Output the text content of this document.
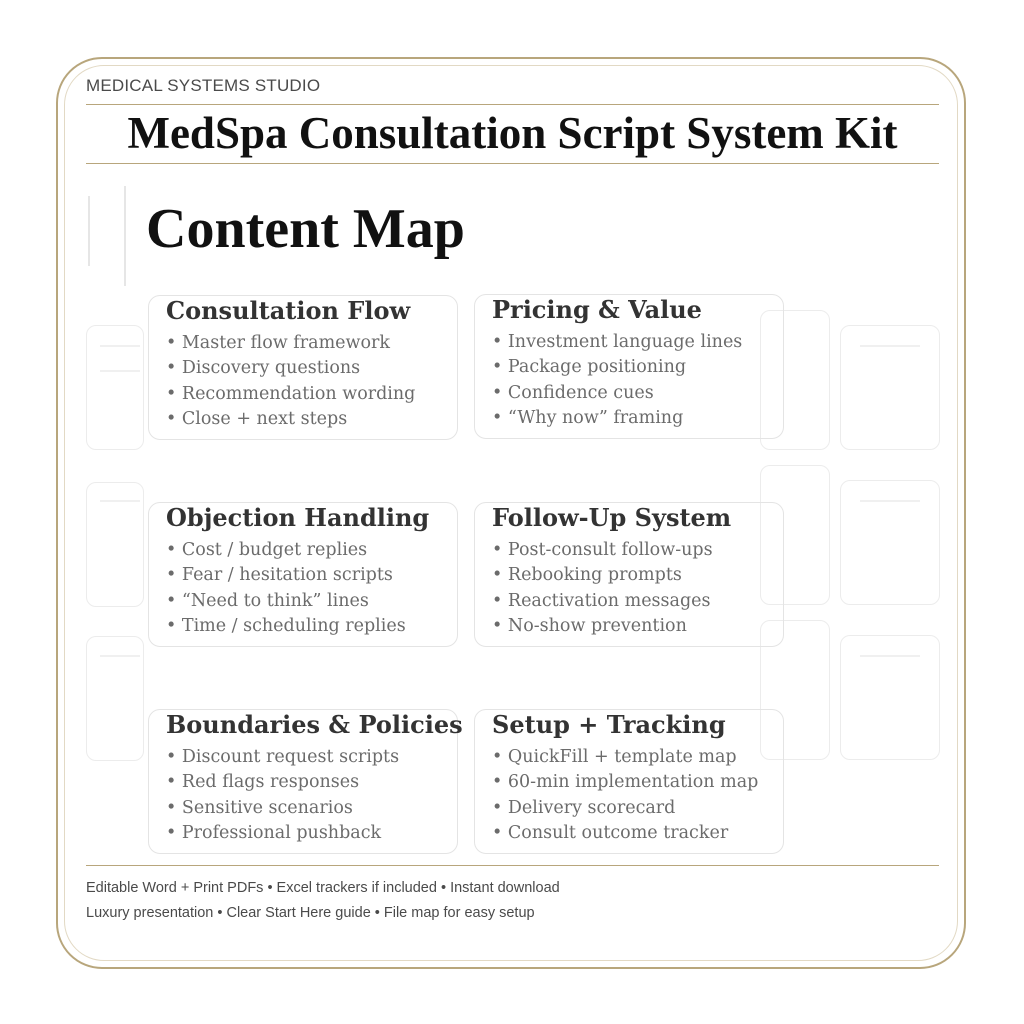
MEDICAL SYSTEMS STUDIO
MedSpa Consultation Script System Kit
Content Map
Consultation Flow
• Master flow framework
• Discovery questions
• Recommendation wording
• Close + next steps
Pricing & Value
• Investment language lines
• Package positioning
• Confidence cues
• “Why now” framing
Objection Handling
• Cost / budget replies
• Fear / hesitation scripts
• “Need to think” lines
• Time / scheduling replies
Follow-Up System
• Post-consult follow-ups
• Rebooking prompts
• Reactivation messages
• No-show prevention
Boundaries & Policies
• Discount request scripts
• Red flags responses
• Sensitive scenarios
• Professional pushback
Setup + Tracking
• QuickFill + template map
• 60-min implementation map
• Delivery scorecard
• Consult outcome tracker
Editable Word + Print PDFs • Excel trackers if included • Instant download
Luxury presentation • Clear Start Here guide • File map for easy setup
